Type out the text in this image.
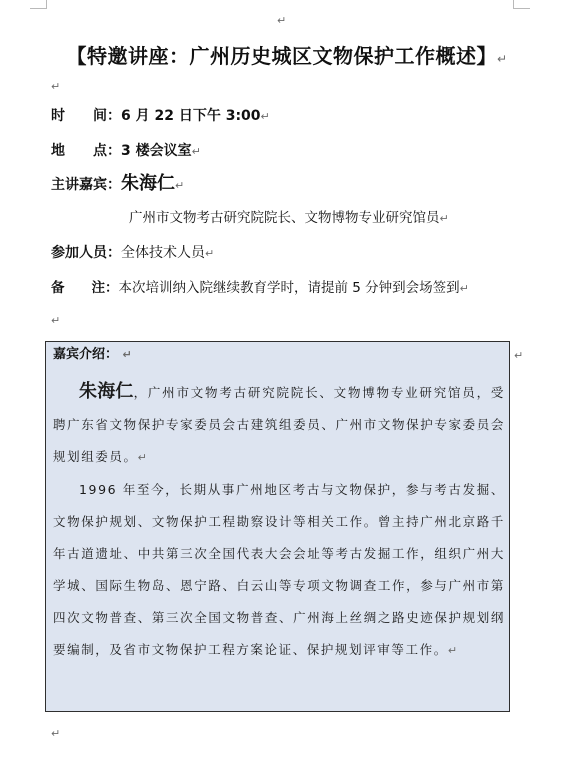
↵
【特邀讲座：广州历史城区文物保护工作概述】↵
↵
时　　间：6 月 22 日下午 3:00↵
地　　点：3 楼会议室↵
主讲嘉宾：朱海仁↵
广州市文物考古研究院院长、文物博物专业研究馆员↵
参加人员：全体技术人员↵
备　　注：本次培训纳入院继续教育学时，请提前 5 分钟到会场签到↵
↵
嘉宾介绍： ↵

朱海仁，广州市文物考古研究院院长、文物博物专业研究馆员，受聘广东省文物保护专家委员会古建筑组委员、广州市文物保护专家委员会规划组委员。↵

1996 年至今，长期从事广州地区考古与文物保护，参与考古发掘、文物保护规划、文物保护工程勘察设计等相关工作。曾主持广州北京路千年古道遗址、中共第三次全国代表大会会址等考古发掘工作，组织广州大学城、国际生物岛、恩宁路、白云山等专项文物调查工作，参与广州市第四次文物普查、第三次全国文物普查、广州海上丝绸之路史迹保护规划纲要编制，及省市文物保护工程方案论证、保护规划评审等工作。↵

↵
↵
